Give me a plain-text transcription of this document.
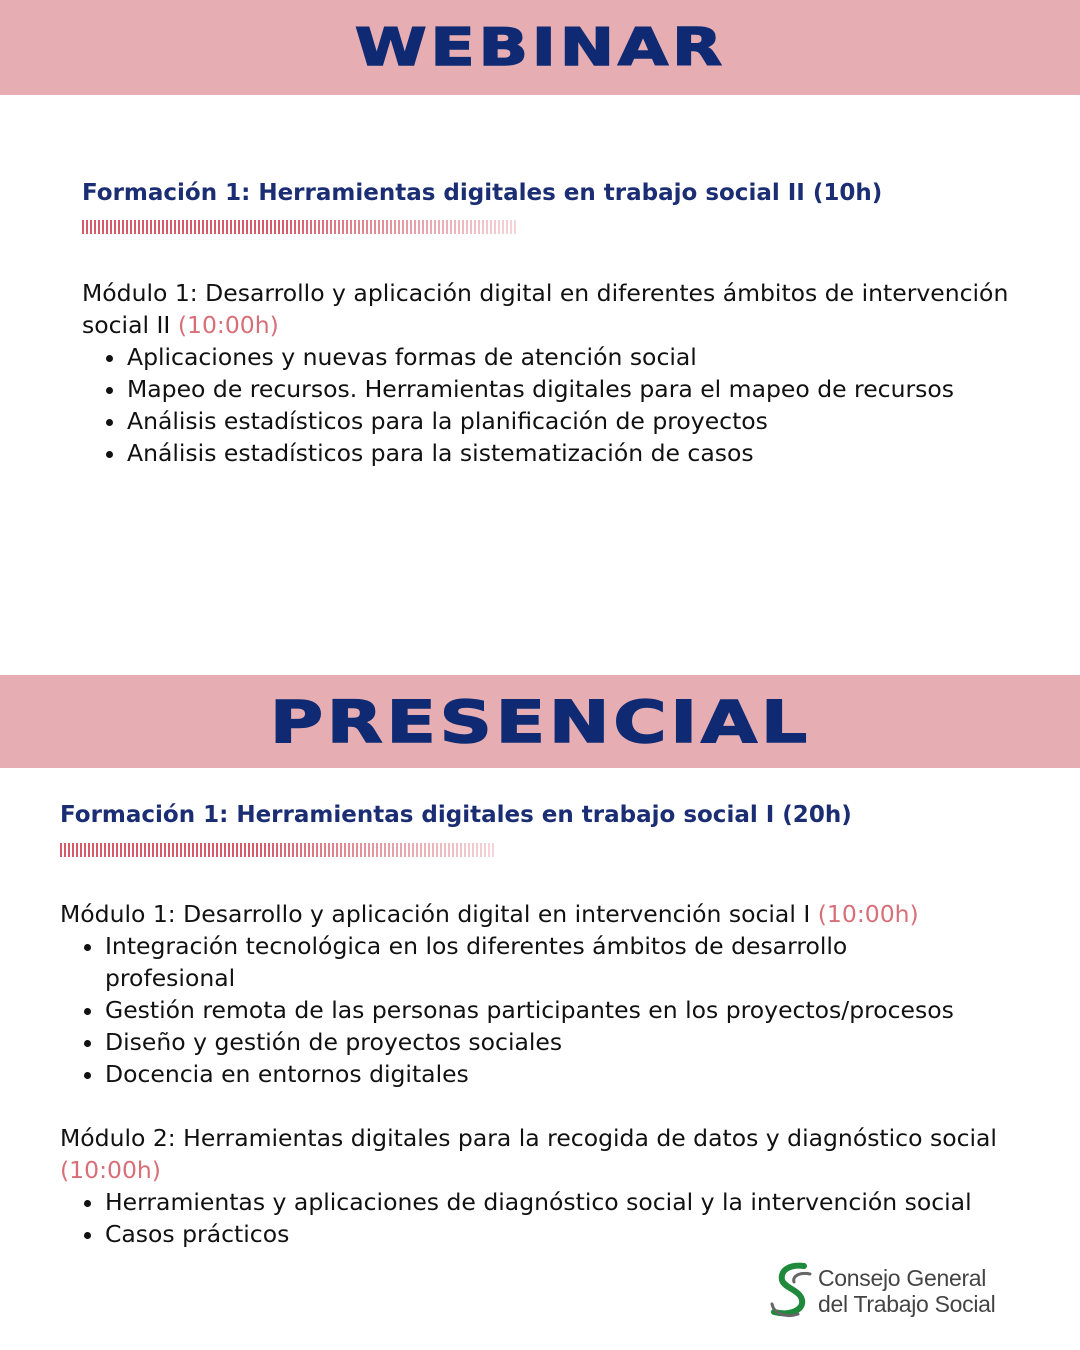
WEBINAR
Formación 1: Herramientas digitales en trabajo social II (10h)

Módulo 1: Desarrollo y aplicación digital en diferentes ámbitos de intervención social II (10:00h)

• Aplicaciones y nuevas formas de atención social
• Mapeo de recursos. Herramientas digitales para el mapeo de recursos
• Análisis estadísticos para la planificación de proyectos
• Análisis estadísticos para la sistematización de casos
PRESENCIAL
Formación 1: Herramientas digitales en trabajo social I (20h)

Módulo 1: Desarrollo y aplicación digital en intervención social I (10:00h)

• Integración tecnológica en los diferentes ámbitos de desarrollo profesional
• Gestión remota de las personas participantes en los proyectos/procesos
• Diseño y gestión de proyectos sociales
• Docencia en entornos digitales

Módulo 2: Herramientas digitales para la recogida de datos y diagnóstico social (10:00h)

• Herramientas y aplicaciones de diagnóstico social y la intervención social
• Casos prácticos
Consejo General
del Trabajo Social
